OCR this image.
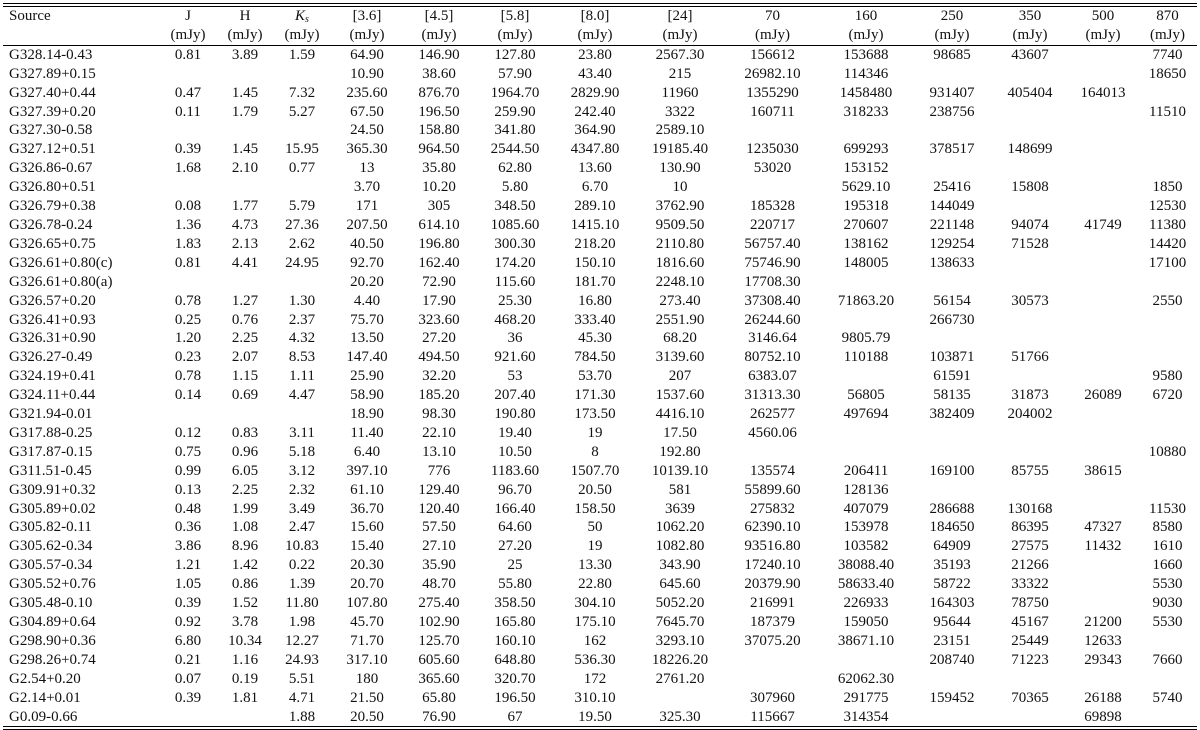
Source	J	H	$K_s$	[3.6]	[4.5]	[5.8]	[8.0]	[24]	70	160	250	350	500	870
	(mJy)	(mJy)	(mJy)	(mJy)	(mJy)	(mJy)	(mJy)	(mJy)	(mJy)	(mJy)	(mJy)	(mJy)	(mJy)	(mJy)
G328.14-0.43	0.81	3.89	1.59	64.90	146.90	127.80	23.80	2567.30	156612	153688	98685	43607		7740
G327.89+0.15				10.90	38.60	57.90	43.40	215	26982.10	114346				18650
G327.40+0.44	0.47	1.45	7.32	235.60	876.70	1964.70	2829.90	11960	1355290	1458480	931407	405404	164013	
G327.39+0.20	0.11	1.79	5.27	67.50	196.50	259.90	242.40	3322	160711	318233	238756			11510
G327.30-0.58				24.50	158.80	341.80	364.90	2589.10						
G327.12+0.51	0.39	1.45	15.95	365.30	964.50	2544.50	4347.80	19185.40	1235030	699293	378517	148699		
G326.86-0.67	1.68	2.10	0.77	13	35.80	62.80	13.60	130.90	53020	153152				
G326.80+0.51				3.70	10.20	5.80	6.70	10		5629.10	25416	15808		1850
G326.79+0.38	0.08	1.77	5.79	171	305	348.50	289.10	3762.90	185328	195318	144049			12530
G326.78-0.24	1.36	4.73	27.36	207.50	614.10	1085.60	1415.10	9509.50	220717	270607	221148	94074	41749	11380
G326.65+0.75	1.83	2.13	2.62	40.50	196.80	300.30	218.20	2110.80	56757.40	138162	129254	71528		14420
G326.61+0.80(c)	0.81	4.41	24.95	92.70	162.40	174.20	150.10	1816.60	75746.90	148005	138633			17100
G326.61+0.80(a)				20.20	72.90	115.60	181.70	2248.10	17708.30					
G326.57+0.20	0.78	1.27	1.30	4.40	17.90	25.30	16.80	273.40	37308.40	71863.20	56154	30573		2550
G326.41+0.93	0.25	0.76	2.37	75.70	323.60	468.20	333.40	2551.90	26244.60		266730			
G326.31+0.90	1.20	2.25	4.32	13.50	27.20	36	45.30	68.20	3146.64	9805.79				
G326.27-0.49	0.23	2.07	8.53	147.40	494.50	921.60	784.50	3139.60	80752.10	110188	103871	51766		
G324.19+0.41	0.78	1.15	1.11	25.90	32.20	53	53.70	207	6383.07		61591			9580
G324.11+0.44	0.14	0.69	4.47	58.90	185.20	207.40	171.30	1537.60	31313.30	56805	58135	31873	26089	6720
G321.94-0.01				18.90	98.30	190.80	173.50	4416.10	262577	497694	382409	204002		
G317.88-0.25	0.12	0.83	3.11	11.40	22.10	19.40	19	17.50	4560.06					
G317.87-0.15	0.75	0.96	5.18	6.40	13.10	10.50	8	192.80						10880
G311.51-0.45	0.99	6.05	3.12	397.10	776	1183.60	1507.70	10139.10	135574	206411	169100	85755	38615	
G309.91+0.32	0.13	2.25	2.32	61.10	129.40	96.70	20.50	581	55899.60	128136				
G305.89+0.02	0.48	1.99	3.49	36.70	120.40	166.40	158.50	3639	275832	407079	286688	130168		11530
G305.82-0.11	0.36	1.08	2.47	15.60	57.50	64.60	50	1062.20	62390.10	153978	184650	86395	47327	8580
G305.62-0.34	3.86	8.96	10.83	15.40	27.10	27.20	19	1082.80	93516.80	103582	64909	27575	11432	1610
G305.57-0.34	1.21	1.42	0.22	20.30	35.90	25	13.30	343.90	17240.10	38088.40	35193	21266		1660
G305.52+0.76	1.05	0.86	1.39	20.70	48.70	55.80	22.80	645.60	20379.90	58633.40	58722	33322		5530
G305.48-0.10	0.39	1.52	11.80	107.80	275.40	358.50	304.10	5052.20	216991	226933	164303	78750		9030
G304.89+0.64	0.92	3.78	1.98	45.70	102.90	165.80	175.10	7645.70	187379	159050	95644	45167	21200	5530
G298.90+0.36	6.80	10.34	12.27	71.70	125.70	160.10	162	3293.10	37075.20	38671.10	23151	25449	12633	
G298.26+0.74	0.21	1.16	24.93	317.10	605.60	648.80	536.30	18226.20			208740	71223	29343	7660
G2.54+0.20	0.07	0.19	5.51	180	365.60	320.70	172	2761.20		62062.30				
G2.14+0.01	0.39	1.81	4.71	21.50	65.80	196.50	310.10		307960	291775	159452	70365	26188	5740
G0.09-0.66			1.88	20.50	76.90	67	19.50	325.30	115667	314354			69898	
